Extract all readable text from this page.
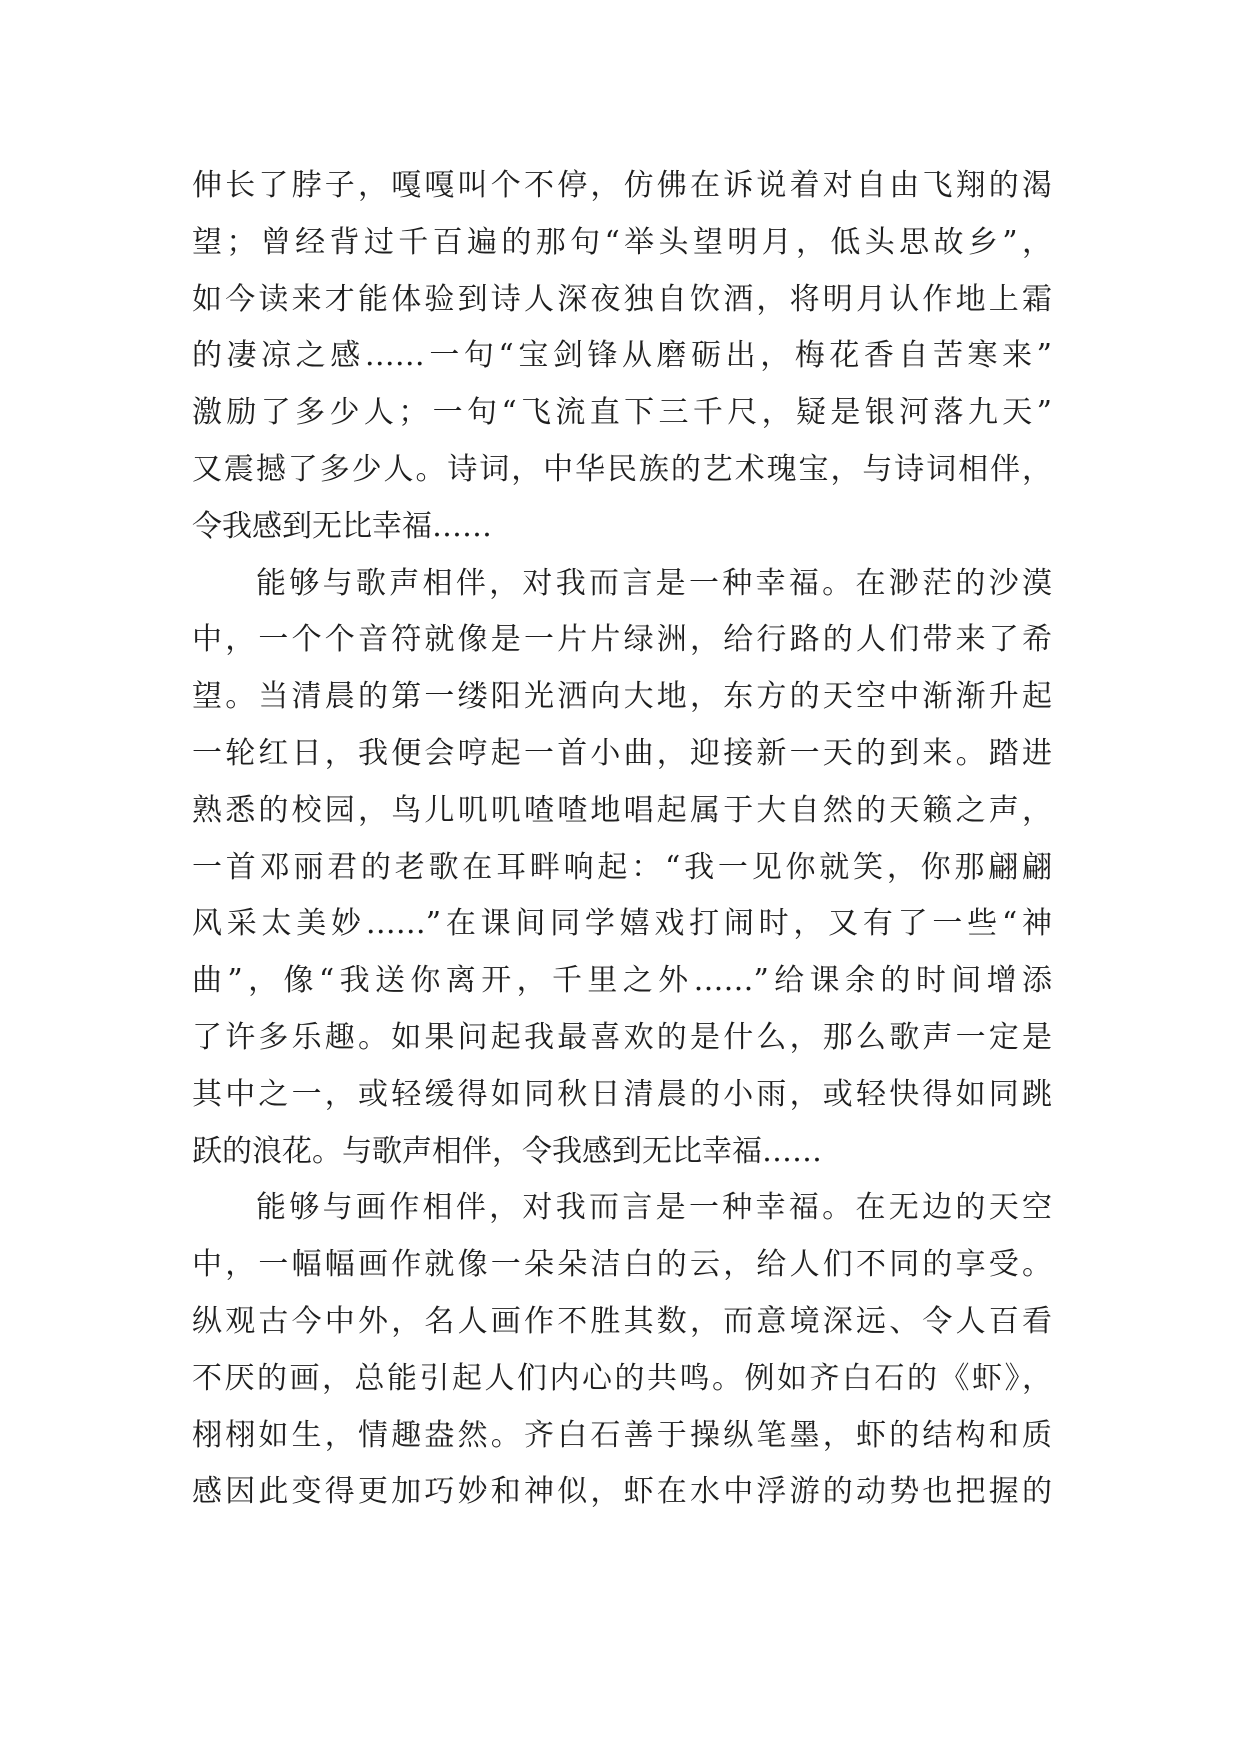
伸长了脖子，嘎嘎叫个不停，仿佛在诉说着对自由飞翔的渴
望；曾经背过千百遍的那句“举头望明月，低头思故乡”，
如今读来才能体验到诗人深夜独自饮酒，将明月认作地上霜
的凄凉之感……一句“宝剑锋从磨砺出，梅花香自苦寒来”
激励了多少人；一句“飞流直下三千尺，疑是银河落九天”
又震撼了多少人。诗词，中华民族的艺术瑰宝，与诗词相伴，
令我感到无比幸福……
能够与歌声相伴，对我而言是一种幸福。在渺茫的沙漠
中，一个个音符就像是一片片绿洲，给行路的人们带来了希
望。当清晨的第一缕阳光洒向大地，东方的天空中渐渐升起
一轮红日，我便会哼起一首小曲，迎接新一天的到来。踏进
熟悉的校园，鸟儿叽叽喳喳地唱起属于大自然的天籁之声，
一首邓丽君的老歌在耳畔响起：“我一见你就笑，你那翩翩
风采太美妙……”在课间同学嬉戏打闹时，又有了一些“神
曲”，像“我送你离开，千里之外……”给课余的时间增添
了许多乐趣。如果问起我最喜欢的是什么，那么歌声一定是
其中之一，或轻缓得如同秋日清晨的小雨，或轻快得如同跳
跃的浪花。与歌声相伴，令我感到无比幸福……
能够与画作相伴，对我而言是一种幸福。在无边的天空
中，一幅幅画作就像一朵朵洁白的云，给人们不同的享受。
纵观古今中外，名人画作不胜其数，而意境深远、令人百看
不厌的画，总能引起人们内心的共鸣。例如齐白石的《虾》，
栩栩如生，情趣盎然。齐白石善于操纵笔墨，虾的结构和质
感因此变得更加巧妙和神似，虾在水中浮游的动势也把握的
